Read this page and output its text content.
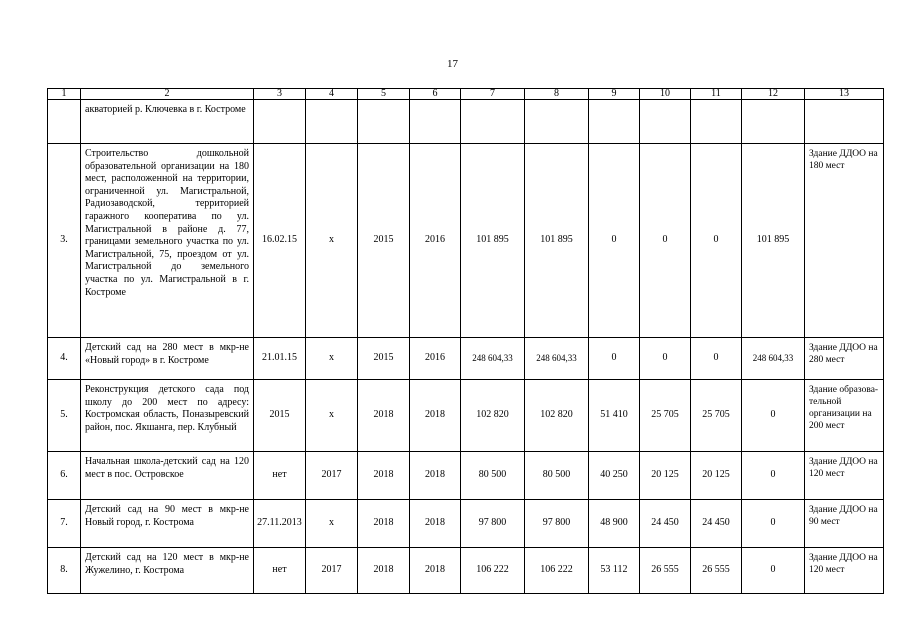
17
1	2	3	4	5	6	7	8	9	10	11	12	13
	акваторией р. Ключевка в г. Костроме											
3.	Строительство дошкольной образовательной организации на 180 мест, расположенной на территории, ограниченной ул. Магистральной, Радиозаводской, территорией гаражного кооператива по ул. Магистральной в районе д. 77, границами земельного участка по ул. Магистральной, 75, проездом от ул. Магистральной до земельного участка по ул. Магистральной в г. Костроме	16.02.15	х	2015	2016	101 895	101 895	0	0	0	101 895	Здание ДДОО на 180 мест
4.	Детский сад на 280 мест в мкр-не «Новый город» в г. Костроме	21.01.15	х	2015	2016	248 604,33	248 604,33	0	0	0	248 604,33	Здание ДДОО на 280 мест
5.	Реконструкция детского сада под школу до 200 мест по адресу: Костромская область, Поназыревский район, пос. Якшанга, пер. Клубный	2015	х	2018	2018	102 820	102 820	51 410	25 705	25 705	0	Здание образова-тельной организации на 200 мест
6.	Начальная школа-детский сад на 120 мест в пос. Островское	нет	2017	2018	2018	80 500	80 500	40 250	20 125	20 125	0	Здание ДДОО на 120 мест
7.	Детский сад на 90 мест в мкр-не Новый город, г. Кострома	27.11.2013	х	2018	2018	97 800	97 800	48 900	24 450	24 450	0	Здание ДДОО на 90 мест
8.	Детский сад на 120 мест в мкр-не Жужелино, г. Кострома	нет	2017	2018	2018	106 222	106 222	53 112	26 555	26 555	0	Здание ДДОО на 120 мест
